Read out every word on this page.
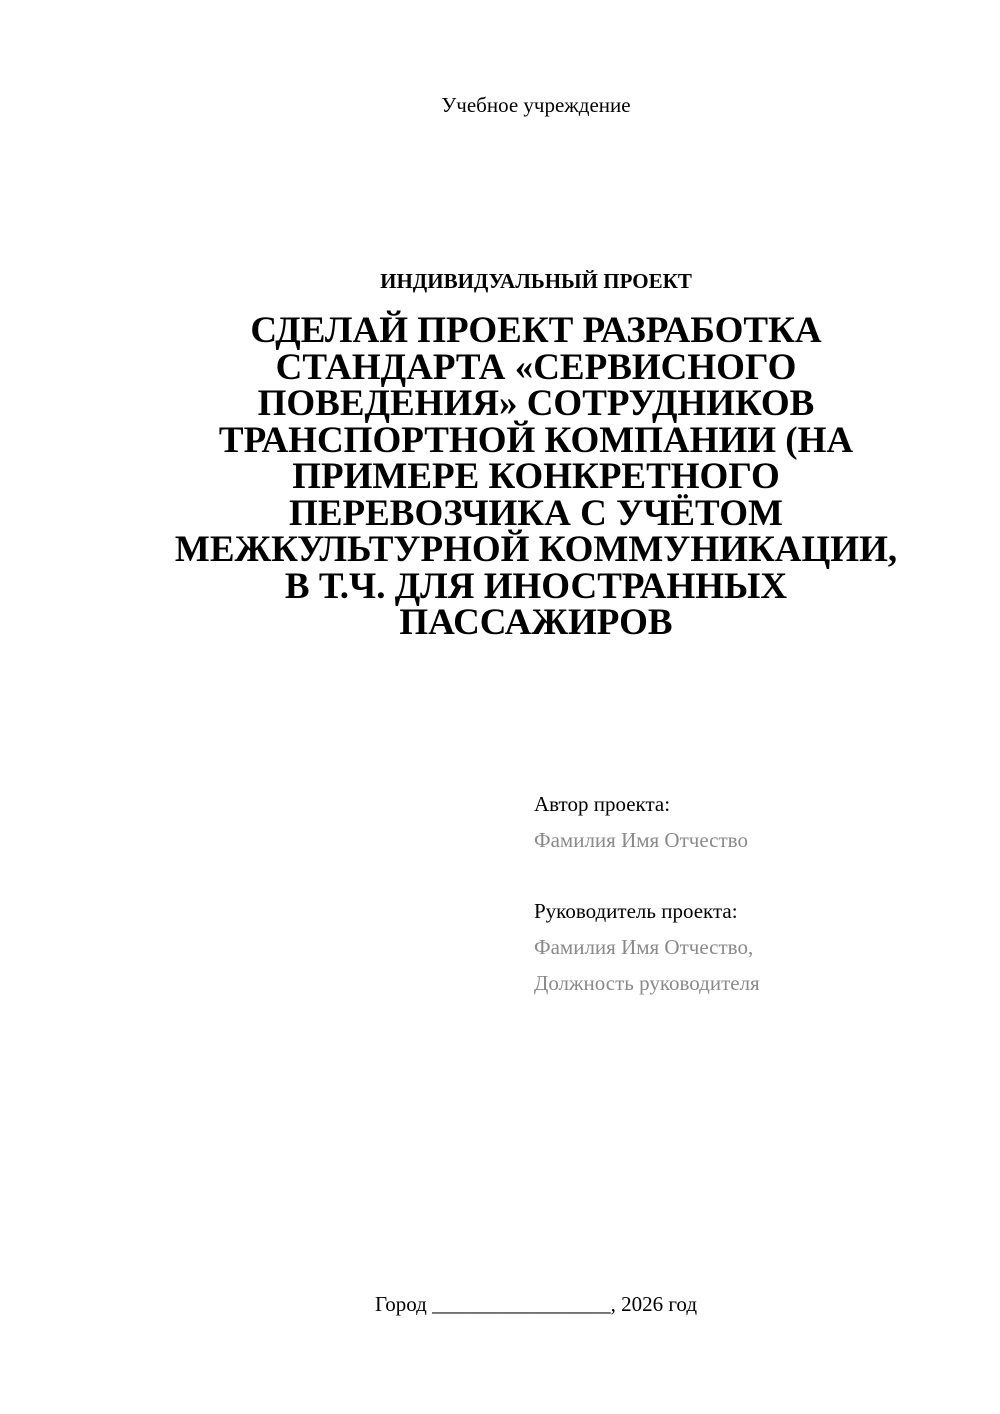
Учебное учреждение
ИНДИВИДУАЛЬНЫЙ ПРОЕКТ
СДЕЛАЙ ПРОЕКТ РАЗРАБОТКА
СТАНДАРТА «СЕРВИСНОГО
ПОВЕДЕНИЯ» СОТРУДНИКОВ
ТРАНСПОРТНОЙ КОМПАНИИ (НА
ПРИМЕРЕ КОНКРЕТНОГО
ПЕРЕВОЗЧИКА С УЧЁТОМ
МЕЖКУЛЬТУРНОЙ КОММУНИКАЦИИ,
В Т.Ч. ДЛЯ ИНОСТРАННЫХ
ПАССАЖИРОВ
Автор проекта:
Фамилия Имя Отчество
Руководитель проекта:
Фамилия Имя Отчество,
Должность руководителя
Город _________________, 2026 год
